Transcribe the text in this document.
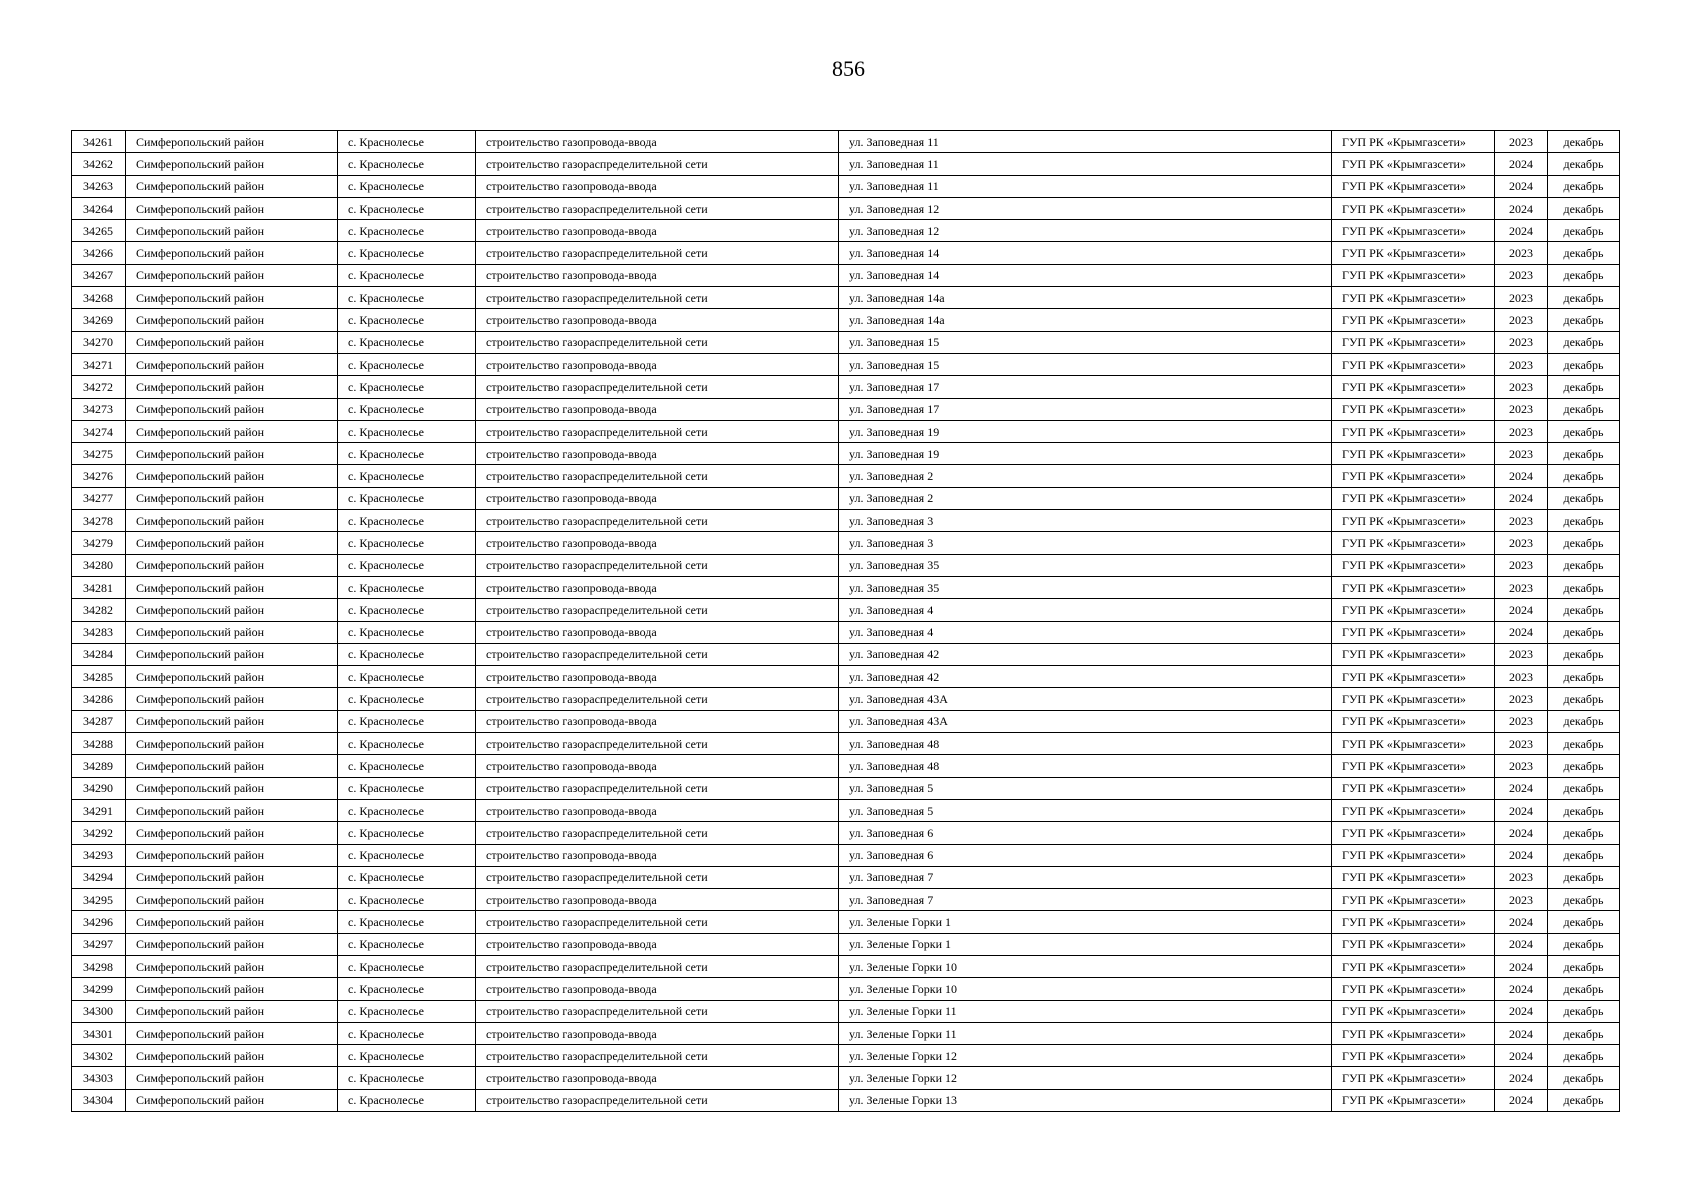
856
34261	Симферопольский район	с. Краснолесье	строительство газопровода-ввода	ул. Заповедная 11	ГУП РК «Крымгазсети»	2023	декабрь
34262	Симферопольский район	с. Краснолесье	строительство газораспределительной сети	ул. Заповедная 11	ГУП РК «Крымгазсети»	2024	декабрь
34263	Симферопольский район	с. Краснолесье	строительство газопровода-ввода	ул. Заповедная 11	ГУП РК «Крымгазсети»	2024	декабрь
34264	Симферопольский район	с. Краснолесье	строительство газораспределительной сети	ул. Заповедная 12	ГУП РК «Крымгазсети»	2024	декабрь
34265	Симферопольский район	с. Краснолесье	строительство газопровода-ввода	ул. Заповедная 12	ГУП РК «Крымгазсети»	2024	декабрь
34266	Симферопольский район	с. Краснолесье	строительство газораспределительной сети	ул. Заповедная 14	ГУП РК «Крымгазсети»	2023	декабрь
34267	Симферопольский район	с. Краснолесье	строительство газопровода-ввода	ул. Заповедная 14	ГУП РК «Крымгазсети»	2023	декабрь
34268	Симферопольский район	с. Краснолесье	строительство газораспределительной сети	ул. Заповедная 14а	ГУП РК «Крымгазсети»	2023	декабрь
34269	Симферопольский район	с. Краснолесье	строительство газопровода-ввода	ул. Заповедная 14а	ГУП РК «Крымгазсети»	2023	декабрь
34270	Симферопольский район	с. Краснолесье	строительство газораспределительной сети	ул. Заповедная 15	ГУП РК «Крымгазсети»	2023	декабрь
34271	Симферопольский район	с. Краснолесье	строительство газопровода-ввода	ул. Заповедная 15	ГУП РК «Крымгазсети»	2023	декабрь
34272	Симферопольский район	с. Краснолесье	строительство газораспределительной сети	ул. Заповедная 17	ГУП РК «Крымгазсети»	2023	декабрь
34273	Симферопольский район	с. Краснолесье	строительство газопровода-ввода	ул. Заповедная 17	ГУП РК «Крымгазсети»	2023	декабрь
34274	Симферопольский район	с. Краснолесье	строительство газораспределительной сети	ул. Заповедная 19	ГУП РК «Крымгазсети»	2023	декабрь
34275	Симферопольский район	с. Краснолесье	строительство газопровода-ввода	ул. Заповедная 19	ГУП РК «Крымгазсети»	2023	декабрь
34276	Симферопольский район	с. Краснолесье	строительство газораспределительной сети	ул. Заповедная 2	ГУП РК «Крымгазсети»	2024	декабрь
34277	Симферопольский район	с. Краснолесье	строительство газопровода-ввода	ул. Заповедная 2	ГУП РК «Крымгазсети»	2024	декабрь
34278	Симферопольский район	с. Краснолесье	строительство газораспределительной сети	ул. Заповедная 3	ГУП РК «Крымгазсети»	2023	декабрь
34279	Симферопольский район	с. Краснолесье	строительство газопровода-ввода	ул. Заповедная 3	ГУП РК «Крымгазсети»	2023	декабрь
34280	Симферопольский район	с. Краснолесье	строительство газораспределительной сети	ул. Заповедная 35	ГУП РК «Крымгазсети»	2023	декабрь
34281	Симферопольский район	с. Краснолесье	строительство газопровода-ввода	ул. Заповедная 35	ГУП РК «Крымгазсети»	2023	декабрь
34282	Симферопольский район	с. Краснолесье	строительство газораспределительной сети	ул. Заповедная 4	ГУП РК «Крымгазсети»	2024	декабрь
34283	Симферопольский район	с. Краснолесье	строительство газопровода-ввода	ул. Заповедная 4	ГУП РК «Крымгазсети»	2024	декабрь
34284	Симферопольский район	с. Краснолесье	строительство газораспределительной сети	ул. Заповедная 42	ГУП РК «Крымгазсети»	2023	декабрь
34285	Симферопольский район	с. Краснолесье	строительство газопровода-ввода	ул. Заповедная 42	ГУП РК «Крымгазсети»	2023	декабрь
34286	Симферопольский район	с. Краснолесье	строительство газораспределительной сети	ул. Заповедная 43А	ГУП РК «Крымгазсети»	2023	декабрь
34287	Симферопольский район	с. Краснолесье	строительство газопровода-ввода	ул. Заповедная 43А	ГУП РК «Крымгазсети»	2023	декабрь
34288	Симферопольский район	с. Краснолесье	строительство газораспределительной сети	ул. Заповедная 48	ГУП РК «Крымгазсети»	2023	декабрь
34289	Симферопольский район	с. Краснолесье	строительство газопровода-ввода	ул. Заповедная 48	ГУП РК «Крымгазсети»	2023	декабрь
34290	Симферопольский район	с. Краснолесье	строительство газораспределительной сети	ул. Заповедная 5	ГУП РК «Крымгазсети»	2024	декабрь
34291	Симферопольский район	с. Краснолесье	строительство газопровода-ввода	ул. Заповедная 5	ГУП РК «Крымгазсети»	2024	декабрь
34292	Симферопольский район	с. Краснолесье	строительство газораспределительной сети	ул. Заповедная 6	ГУП РК «Крымгазсети»	2024	декабрь
34293	Симферопольский район	с. Краснолесье	строительство газопровода-ввода	ул. Заповедная 6	ГУП РК «Крымгазсети»	2024	декабрь
34294	Симферопольский район	с. Краснолесье	строительство газораспределительной сети	ул. Заповедная 7	ГУП РК «Крымгазсети»	2023	декабрь
34295	Симферопольский район	с. Краснолесье	строительство газопровода-ввода	ул. Заповедная 7	ГУП РК «Крымгазсети»	2023	декабрь
34296	Симферопольский район	с. Краснолесье	строительство газораспределительной сети	ул. Зеленые Горки 1	ГУП РК «Крымгазсети»	2024	декабрь
34297	Симферопольский район	с. Краснолесье	строительство газопровода-ввода	ул. Зеленые Горки 1	ГУП РК «Крымгазсети»	2024	декабрь
34298	Симферопольский район	с. Краснолесье	строительство газораспределительной сети	ул. Зеленые Горки 10	ГУП РК «Крымгазсети»	2024	декабрь
34299	Симферопольский район	с. Краснолесье	строительство газопровода-ввода	ул. Зеленые Горки 10	ГУП РК «Крымгазсети»	2024	декабрь
34300	Симферопольский район	с. Краснолесье	строительство газораспределительной сети	ул. Зеленые Горки 11	ГУП РК «Крымгазсети»	2024	декабрь
34301	Симферопольский район	с. Краснолесье	строительство газопровода-ввода	ул. Зеленые Горки 11	ГУП РК «Крымгазсети»	2024	декабрь
34302	Симферопольский район	с. Краснолесье	строительство газораспределительной сети	ул. Зеленые Горки 12	ГУП РК «Крымгазсети»	2024	декабрь
34303	Симферопольский район	с. Краснолесье	строительство газопровода-ввода	ул. Зеленые Горки 12	ГУП РК «Крымгазсети»	2024	декабрь
34304	Симферопольский район	с. Краснолесье	строительство газораспределительной сети	ул. Зеленые Горки 13	ГУП РК «Крымгазсети»	2024	декабрь
